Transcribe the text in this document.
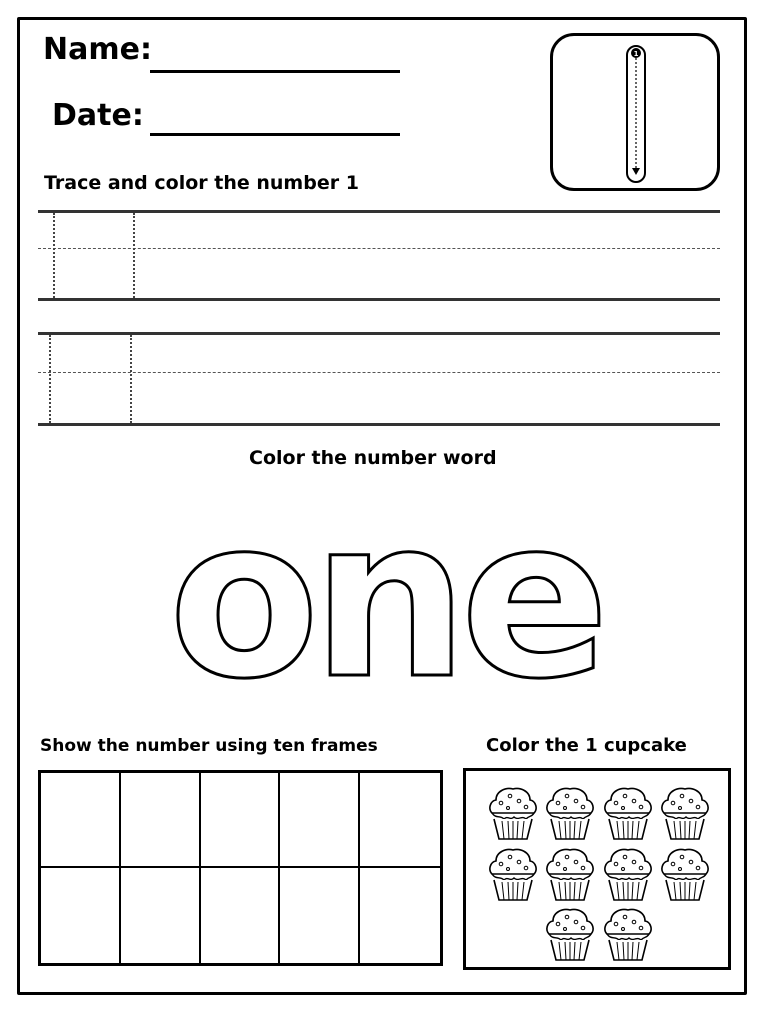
Name:
Date:
1
Trace and color the number 1
Color the number word
one
Show the number using ten frames	Color the 1 cupcake
